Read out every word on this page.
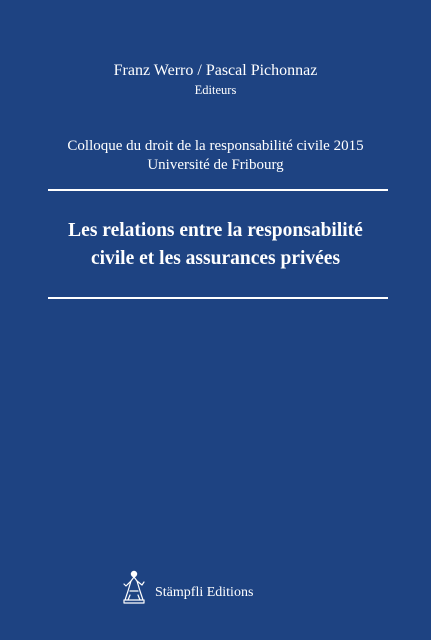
Franz Werro / Pascal Pichonnaz
Editeurs
Colloque du droit de la responsabilité civile 2015
Université de Fribourg
Les relations entre la responsabilité
civile et les assurances privées
Stämpfli Editions
